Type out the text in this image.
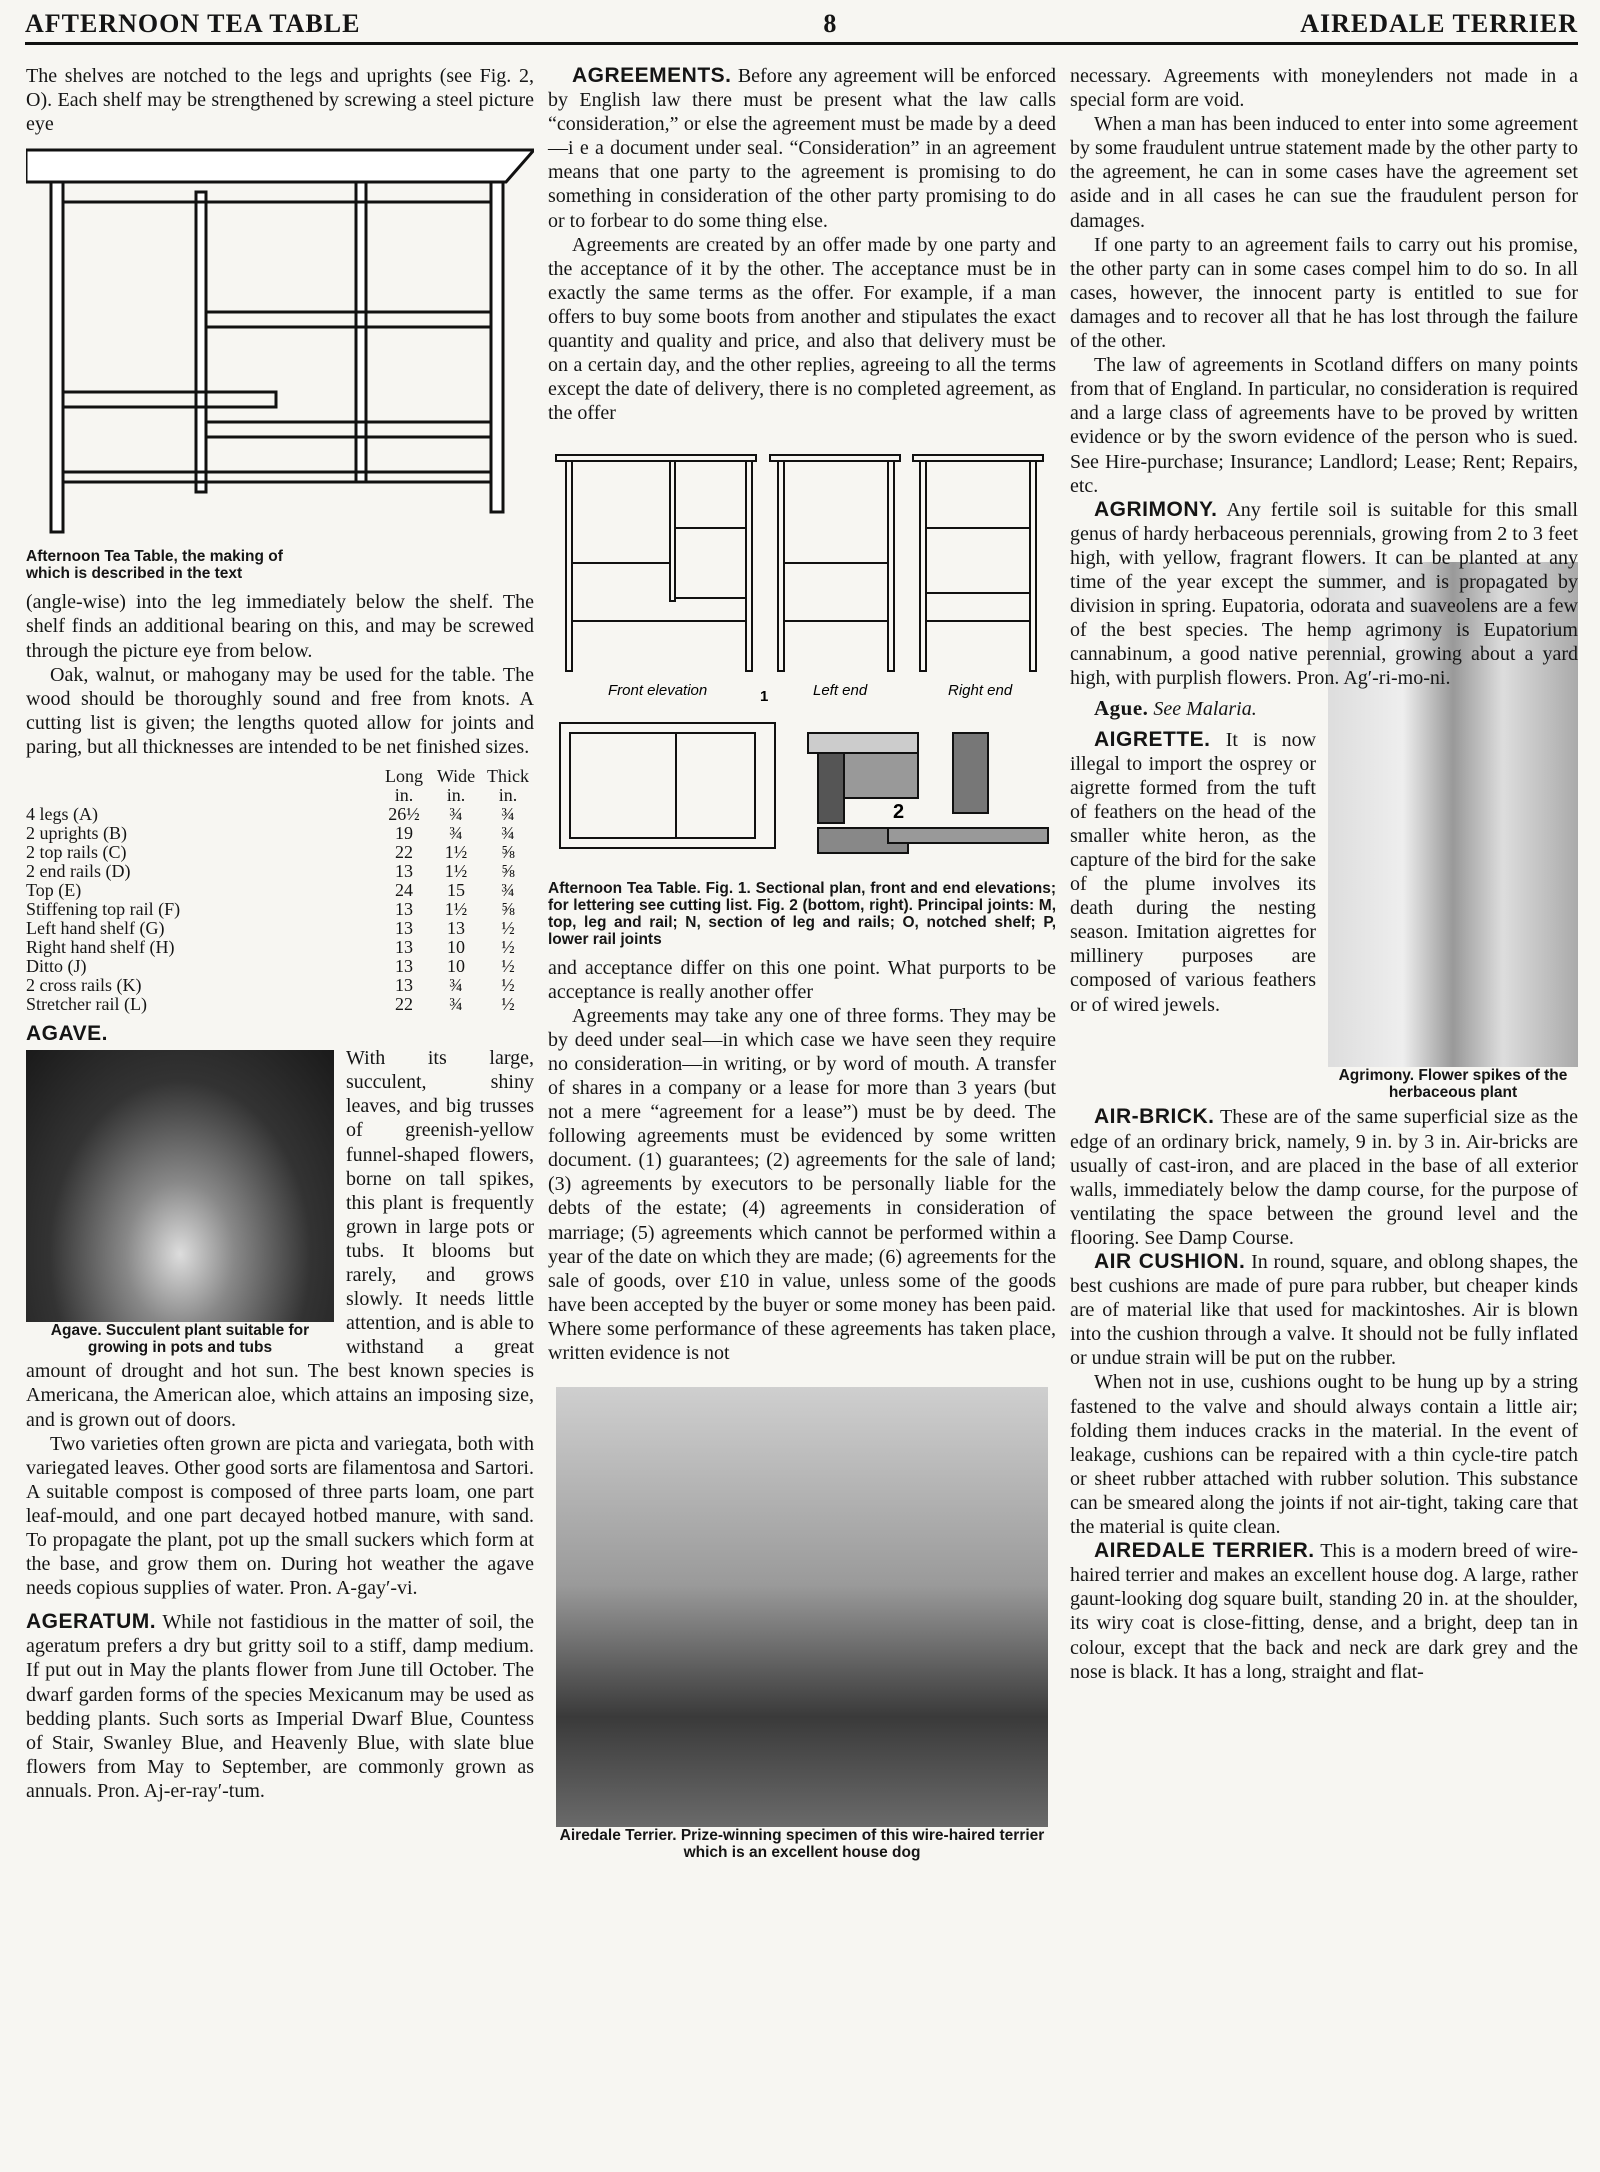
AFTERNOON TEA TABLE	8	AIREDALE TERRIER

The shelves are notched to the legs and uprights (see Fig. 2, O). Each shelf may be strengthened by screwing a steel picture eye

Afternoon Tea Table, the making of which is described in the text

(angle-wise) into the leg immediately below the shelf. The shelf finds an additional bearing on this, and may be screwed through the picture eye from below.

Oak, walnut, or mahogany may be used for the table. The wood should be thoroughly sound and free from knots. A cutting list is given; the lengths quoted allow for joints and paring, but all thicknesses are intended to be net finished sizes.

	Long	Wide	Thick
	in.	in.	in.
4 legs (A)	26½	¾	¾
2 uprights (B)	19	¾	¾
2 top rails (C)	22	1½	⅝
2 end rails (D)	13	1½	⅝
Top (E)	24	15	¾
Stiffening top rail (F)	13	1½	⅝
Left hand shelf (G)	13	13	½
Right hand shelf (H)	13	10	½
Ditto (J)	13	10	½
2 cross rails (K)	13	¾	½
Stretcher rail (L)	22	¾	½

AGAVE.

Agave. Succulent plant suitable for growing in pots and tubs

With its large, succulent, shiny leaves, and big trusses of greenish-yellow funnel-shaped flowers, borne on tall spikes, this plant is frequently grown in large pots or tubs. It blooms but rarely, and grows slowly. It needs little attention, and is able to withstand a great amount of drought and hot sun. The best known species is Americana, the American aloe, which attains an imposing size, and is grown out of doors.

Two varieties often grown are picta and variegata, both with variegated leaves. Other good sorts are filamentosa and Sartori. A suitable compost is composed of three parts loam, one part leaf-mould, and one part decayed hotbed manure, with sand. To propagate the plant, pot up the small suckers which form at the base, and grow them on. During hot weather the agave needs copious supplies of water. Pron. A-gay′-vi.

AGERATUM. While not fastidious in the matter of soil, the ageratum prefers a dry but gritty soil to a stiff, damp medium. If put out in May the plants flower from June till October. The dwarf garden forms of the species Mexicanum may be used as bedding plants. Such sorts as Imperial Dwarf Blue, Countess of Stair, Swanley Blue, and Heavenly Blue, with slate blue flowers from May to September, are commonly grown as annuals. Pron. Aj-er-ray′-tum.

AGREEMENTS. Before any agreement will be enforced by English law there must be present what the law calls “consideration,” or else the agreement must be made by a deed—i e a document under seal. “Consideration” in an agreement means that one party to the agreement is promising to do something in consideration of the other party promising to do or to forbear to do some thing else.

Agreements are created by an offer made by one party and the acceptance of it by the other. The acceptance must be in exactly the same terms as the offer. For example, if a man offers to buy some boots from another and stipulates the exact quantity and quality and price, and also that delivery must be on a certain day, and the other replies, agreeing to all the terms except the date of delivery, there is no completed agreement, as the offer

Front elevation	Left end	Right end
1
2
Afternoon Tea Table. Fig. 1. Sectional plan, front and end elevations; for lettering see cutting list. Fig. 2 (bottom, right). Principal joints: M, top, leg and rail; N, section of leg and rails; O, notched shelf; P, lower rail joints

and acceptance differ on this one point. What purports to be acceptance is really another offer

Agreements may take any one of three forms. They may be by deed under seal—in which case we have seen they require no consideration—in writing, or by word of mouth. A transfer of shares in a company or a lease for more than 3 years (but not a mere “agreement for a lease”) must be by deed. The following agreements must be evidenced by some written document. (1) guarantees; (2) agreements for the sale of land; (3) agreements by executors to be personally liable for the debts of the estate; (4) agreements in consideration of marriage; (5) agreements which cannot be performed within a year of the date on which they are made; (6) agreements for the sale of goods, over £10 in value, unless some of the goods have been accepted by the buyer or some money has been paid. Where some performance of these agreements has taken place, written evidence is not

Airedale Terrier. Prize-winning specimen of this wire-haired terrier which is an excellent house dog

necessary. Agreements with moneylenders not made in a special form are void.

When a man has been induced to enter into some agreement by some fraudulent untrue statement made by the other party to the agreement, he can in some cases have the agreement set aside and in all cases he can sue the fraudulent person for damages.

If one party to an agreement fails to carry out his promise, the other party can in some cases compel him to do so. In all cases, however, the innocent party is entitled to sue for damages and to recover all that he has lost through the failure of the other.

The law of agreements in Scotland differs on many points from that of England. In particular, no consideration is required and a large class of agreements have to be proved by written evidence or by the sworn evidence of the person who is sued. See Hire-purchase; Insurance; Landlord; Lease; Rent; Repairs, etc.

AGRIMONY. Any fertile soil is suitable for this small genus of hardy herbaceous perennials, growing from 2 to 3 feet high, with yellow, fragrant flowers. It can be planted at any time of the year except the summer, and is propagated by division in spring. Eupatoria, odorata and suaveolens are a few of the best species. The hemp agrimony is Eupatorium cannabinum, a good native perennial, growing about a yard high, with purplish flowers. Pron. Ag′-ri-mo-ni.

Agrimony. Flower spikes of the herbaceous plant

Ague. See Malaria.

AIGRETTE. It is now illegal to import the osprey or aigrette formed from the tuft of feathers on the head of the smaller white heron, as the capture of the bird for the sake of the plume involves its death during the nesting season. Imitation aigrettes for millinery purposes are composed of various feathers or of wired jewels.

AIR-BRICK. These are of the same superficial size as the edge of an ordinary brick, namely, 9 in. by 3 in. Air-bricks are usually of cast-iron, and are placed in the base of all exterior walls, immediately below the damp course, for the purpose of ventilating the space between the ground level and the flooring. See Damp Course.

AIR CUSHION. In round, square, and oblong shapes, the best cushions are made of pure para rubber, but cheaper kinds are of material like that used for mackintoshes. Air is blown into the cushion through a valve. It should not be fully inflated or undue strain will be put on the rubber.

When not in use, cushions ought to be hung up by a string fastened to the valve and should always contain a little air; folding them induces cracks in the material. In the event of leakage, cushions can be repaired with a thin cycle-tire patch or sheet rubber attached with rubber solution. This substance can be smeared along the joints if not air-tight, taking care that the material is quite clean.

AIREDALE TERRIER. This is a modern breed of wire-haired terrier and makes an excellent house dog. A large, rather gaunt-looking dog square built, standing 20 in. at the shoulder, its wiry coat is close-fitting, dense, and a bright, deep tan in colour, except that the back and neck are dark grey and the nose is black. It has a long, straight and flat-
